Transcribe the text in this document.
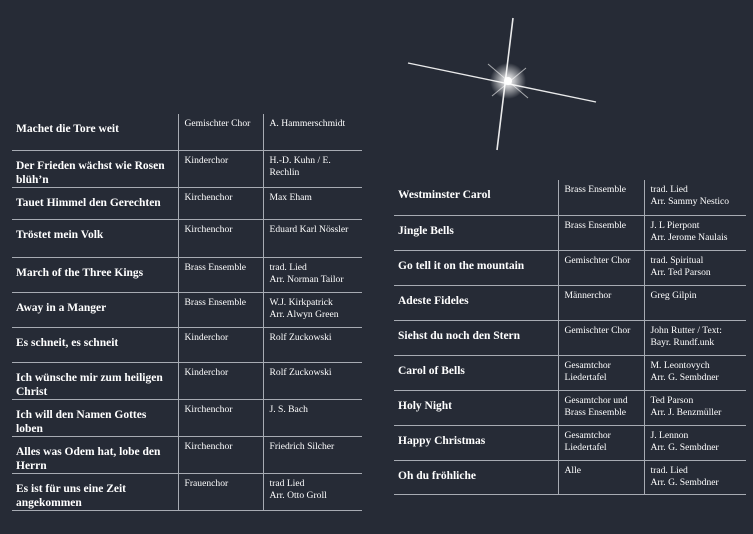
Machet die Tore weit	Gemischter Chor	A. Hammerschmidt

Der Frieden wächst wie Rosen blüh’n	Kinderchor	H.-D. Kuhn / E. Rechlin

Tauet Himmel den Gerechten	Kirchenchor	Max Eham

Tröstet mein Volk	Kirchenchor	Eduard Karl Nössler

March of the Three Kings	Brass Ensemble	trad. Lied
Arr. Norman Tailor

Away in a Manger	Brass Ensemble	W.J. Kirkpatrick
Arr. Alwyn Green

Es schneit, es schneit	Kinderchor	Rolf Zuckowski

Ich wünsche mir zum heiligen Christ	Kinderchor	Rolf Zuckowski

Ich will den Namen Gottes loben	Kirchenchor	J. S. Bach

Alles was Odem hat, lobe den Herrn	Kirchenchor	Friedrich Silcher

Es ist für uns eine Zeit angekommen	Frauenchor	trad Lied
Arr. Otto Groll
Westminster Carol	Brass Ensemble	trad. Lied
Arr. Sammy Nestico

Jingle Bells	Brass Ensemble	J. L Pierpont
Arr. Jerome Naulais

Go tell it on the mountain	Gemischter Chor	trad. Spiritual
Arr. Ted Parson

Adeste Fideles	Männerchor	Greg Gilpin

Siehst du noch den Stern	Gemischter Chor	John Rutter / Text:
Bayr. Rundf.unk

Carol of Bells	Gesamtchor Liedertafel	M. Leontovych
Arr. G. Sembdner

Holy Night	Gesamtchor und Brass Ensemble	Ted Parson
Arr. J. Benzmüller

Happy Christmas	Gesamtchor Liedertafel	J. Lennon
Arr. G. Sembdner

Oh du fröhliche	Alle	trad. Lied
Arr. G. Sembdner
